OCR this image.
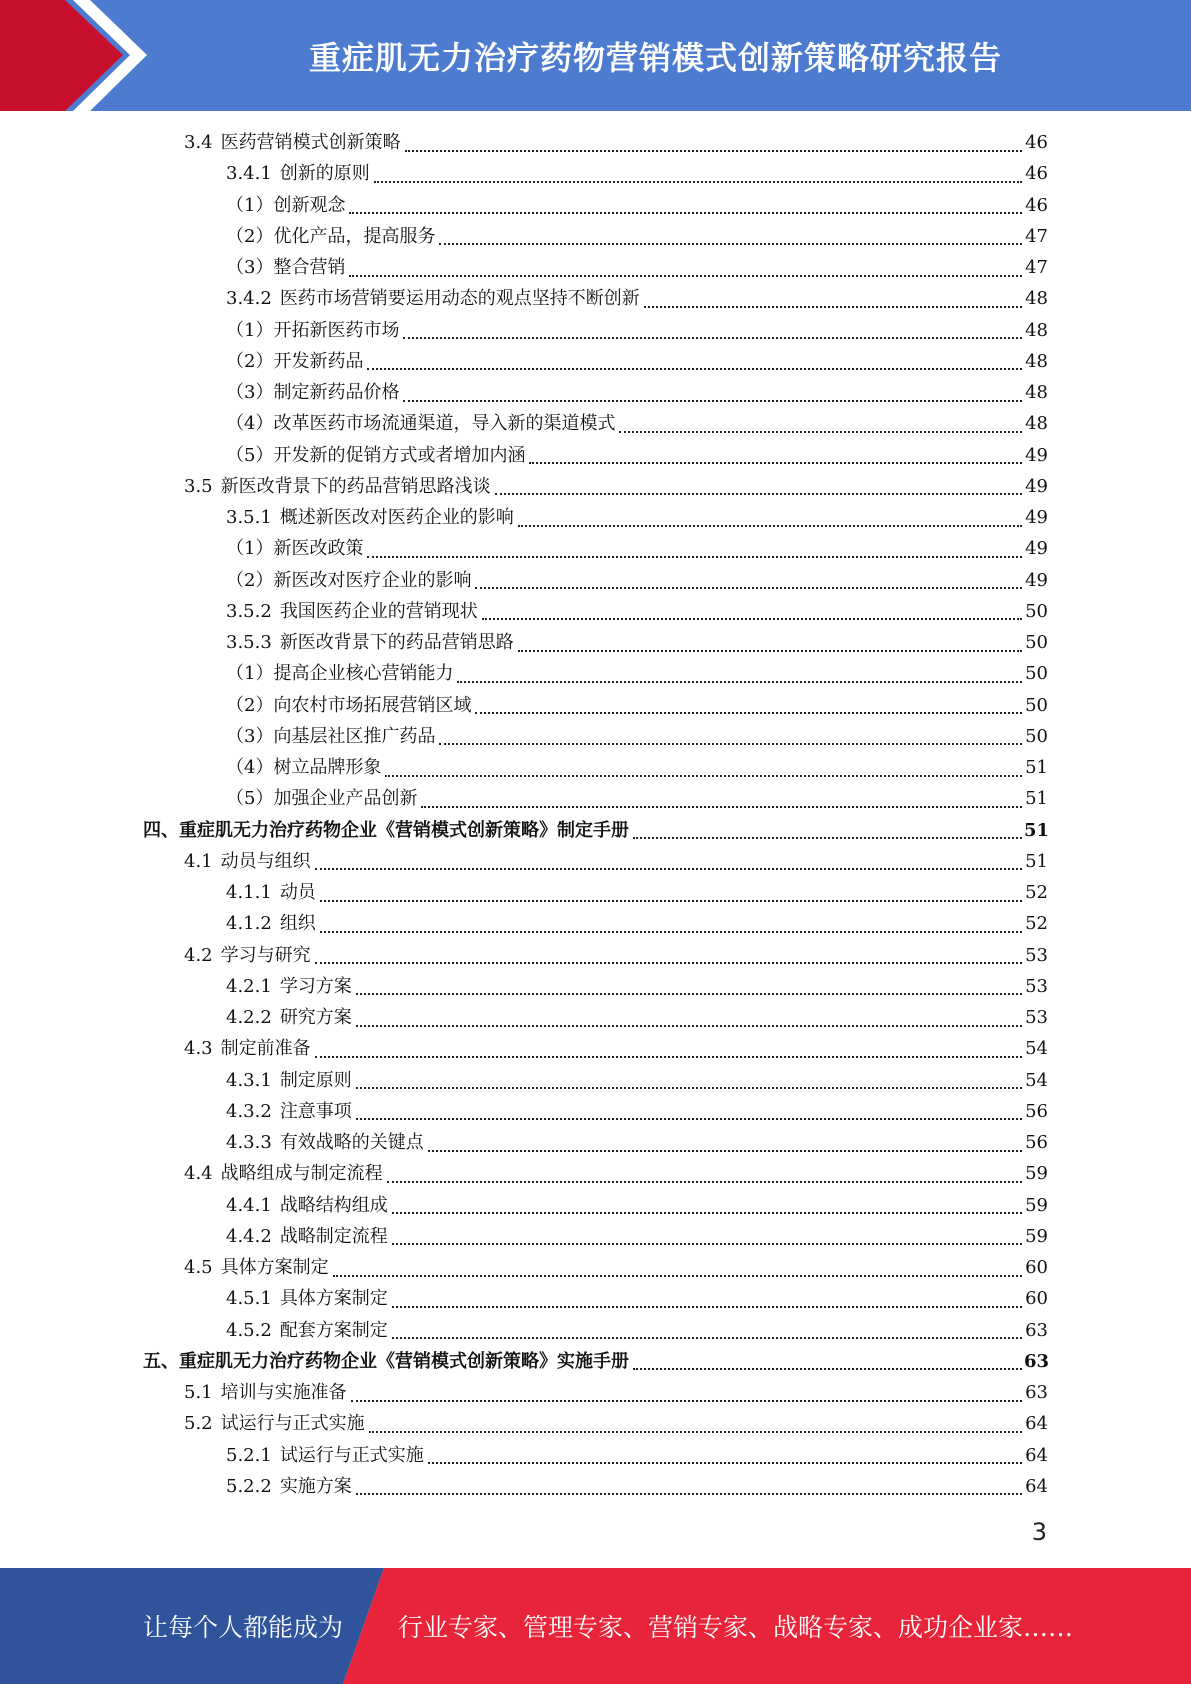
重症肌无力治疗药物营销模式创新策略研究报告
3.4 医药营销模式创新策略	46
3.4.1 创新的原则	46
（1） 创新观念	46
（2） 优化产品，提高服务	47
（3） 整合营销	47
3.4.2 医药市场营销要运用动态的观点坚持不断创新	48
（1） 开拓新医药市场	48
（2） 开发新药品	48
（3） 制定新药品价格	48
（4） 改革医药市场流通渠道，导入新的渠道模式	48
（5） 开发新的促销方式或者增加内涵	49
3.5 新医改背景下的药品营销思路浅谈	49
3.5.1 概述新医改对医药企业的影响	49
（1） 新医改政策	49
（2） 新医改对医疗企业的影响	49
3.5.2 我国医药企业的营销现状	50
3.5.3 新医改背景下的药品营销思路	50
（1） 提高企业核心营销能力	50
（2） 向农村市场拓展营销区域	50
（3） 向基层社区推广药品	50
（4） 树立品牌形象	51
（5） 加强企业产品创新	51
四、 重症肌无力治疗药物企业《营销模式创新策略》制定手册	51
4.1 动员与组织	51
4.1.1 动员	52
4.1.2 组织	52
4.2 学习与研究	53
4.2.1 学习方案	53
4.2.2 研究方案	53
4.3 制定前准备	54
4.3.1 制定原则	54
4.3.2 注意事项	56
4.3.3 有效战略的关键点	56
4.4 战略组成与制定流程	59
4.4.1 战略结构组成	59
4.4.2 战略制定流程	59
4.5 具体方案制定	60
4.5.1 具体方案制定	60
4.5.2 配套方案制定	63
五、 重症肌无力治疗药物企业《营销模式创新策略》实施手册	63
5.1 培训与实施准备	63
5.2 试运行与正式实施	64
5.2.1 试运行与正式实施	64
5.2.2 实施方案	64
3
让每个人都能成为 行业专家、管理专家、营销专家、战略专家、成功企业家……
